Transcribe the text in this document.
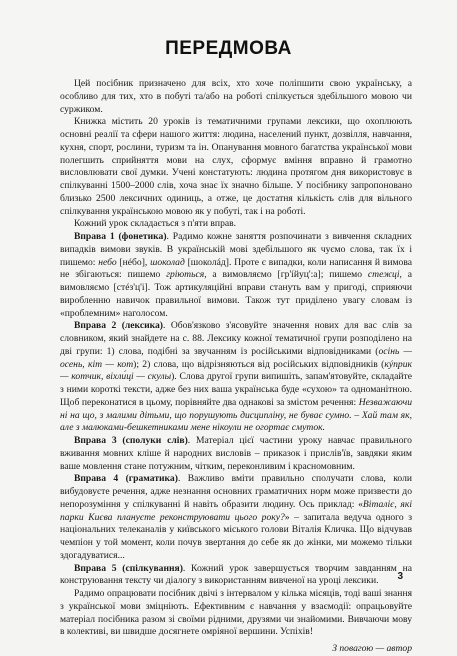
ПЕРЕДМОВА

Цей посібник призначено для всіх, хто хоче поліпшити свою українську, а особливо для тих, хто в побуті та/або на роботі спілкується здебільшого мовою чи суржиком.

Книжка містить 20 уроків із тематичними групами лексики, що охоплюють основні реалії та сфери нашого життя: людина, населений пункт, дозвілля, навчання, кухня, спорт, рослини, туризм та ін. Опанування мовного багатства української мови полегшить сприйняття мови на слух, сформує вміння вправно й грамотно висловлювати свої думки. Учені констатують: людина протягом дня використовує в спілкуванні 1500–2000 слів, хоча знає їх значно більше. У посібнику запропоновано близько 2500 лексичних одиниць, а отже, це достатня кількість слів для вільного спілкування українською мовою як у побуті, так і на роботі.

Кожний урок складається з п'яти вправ.

Вправа 1 (фонетика). Радимо кожне заняття розпочинати з вивчення складних випадків вимови звуків. В українській мові здебільшого як чуємо слова, так їх і пишемо: небо [нéбо], шоколад [шоколáд]. Проте є випадки, коли написання й вимова не збігаються: пишемо гріються, а вимовляємо [гр'íйуц':а]; пишемо стежці, а вимовляємо [стéз'ц'і]. Тож артикуляційні вправи стануть вам у пригоді, сприяючи виробленню навичок правильної вимови. Також тут приділено увагу словам із «проблемним» наголосом.

Вправа 2 (лексика). Обов'язково з'ясовуйте значення нових для вас слів за словником, який знайдете на с. 88. Лексику кожної тематичної групи розподілено на дві групи: 1) слова, подібні за звучанням із російськими відповідниками (осінь — осень, кіт — кот); 2) слова, що відрізняються від російських відповідників (кýприк — котчик, віхли́ці — скулы). Слова другої групи випишіть, запам'ятовуйте, складайте з ними короткі тексти, адже без них ваша українська буде «сухою» та одноманітною. Щоб переконатися в цьому, порівняйте два однакові за змістом речення: Незважаючи ні на що, з малими дітьми, що порушують дисципліну, не буває сумно. – Хай там як, але з малюками-бешкетниками мене нікоули не огортає смуток.

Вправа 3 (сполуки слів). Матеріал цієї частини уроку навчає правильного вживання мовних кліше й народних висловів – приказок і прислів'їв, завдяки яким ваше мовлення стане потужним, чітким, переконливим і красномовним.

Вправа 4 (граматика). Важливо вміти правильно сполучати слова, коли вибудовуєте речення, адже незнання основних граматичних норм може призвести до непорозуміння у спілкуванні й навіть образити людину. Ось приклад: «Віталіє, які парки Києва плануєте реконструювати цього року?» – запитала ведуча одного з національних телеканалів у київського міського голови Віталія Кличка. Що відчував чемпіон у той момент, коли почув звертання до себе як до жінки, ми можемо тільки здогадуватися...

Вправа 5 (спілкування). Кожний урок завершується творчим завданням на конструювання тексту чи діалогу з використанням вивченої на уроці лексики.

Радимо опрацювати посібник двічі з інтервалом у кілька місяців, тоді ваші знання з української мови зміцніють. Ефективним є навчання у взаємодії: опрацьовуйте матеріал посібника разом зі своїми рідними, друзями чи знайомими. Вивчаючи мову в колективі, ви швидше досягнете омріяної вершини. Успіхів!

З повагою — автор

3
